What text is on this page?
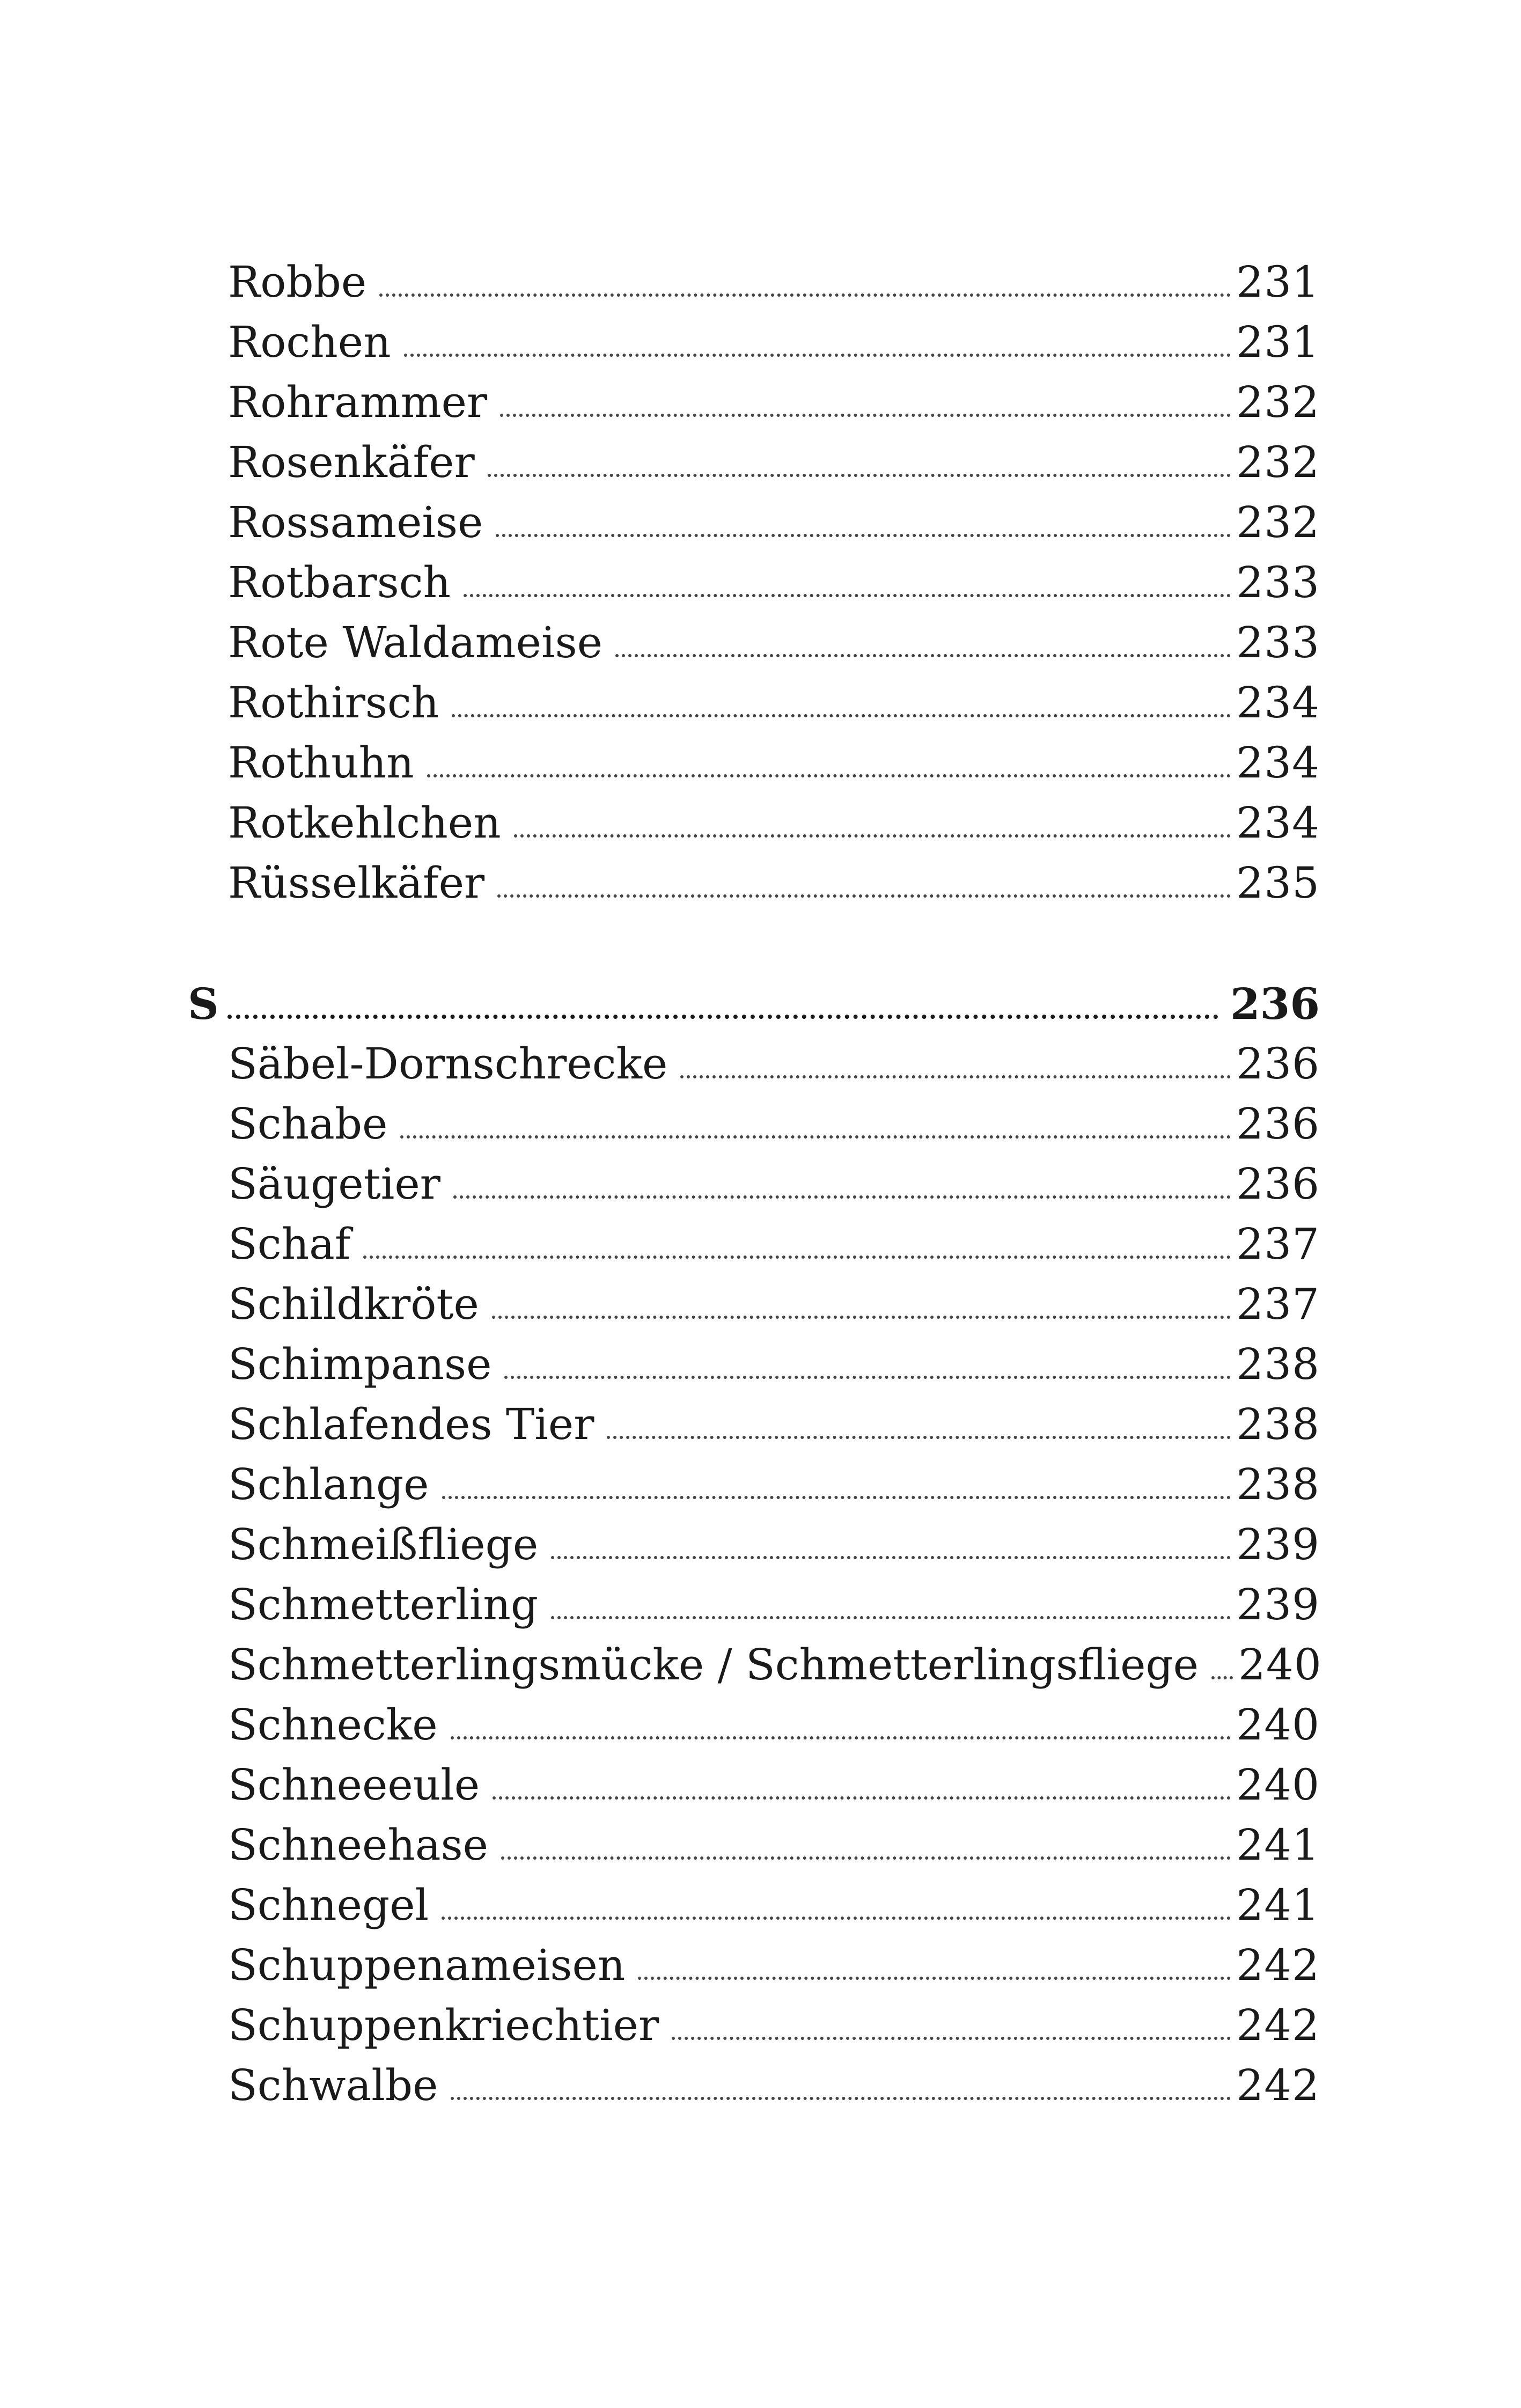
Robbe	231
Rochen	231
Rohrammer	232
Rosenkäfer	232
Rossameise	232
Rotbarsch	233
Rote Waldameise	233
Rothirsch	234
Rothuhn	234
Rotkehlchen	234
Rüsselkäfer	235
S	236
Säbel-Dornschrecke	236
Schabe	236
Säugetier	236
Schaf	237
Schildkröte	237
Schimpanse	238
Schlafendes Tier	238
Schlange	238
Schmeißfliege	239
Schmetterling	239
Schmetterlingsmücke / Schmetterlingsfliege 240
Schnecke	240
Schneeeule	240
Schneehase	241
Schnegel	241
Schuppenameisen	242
Schuppenkriechtier	242
Schwalbe	242
